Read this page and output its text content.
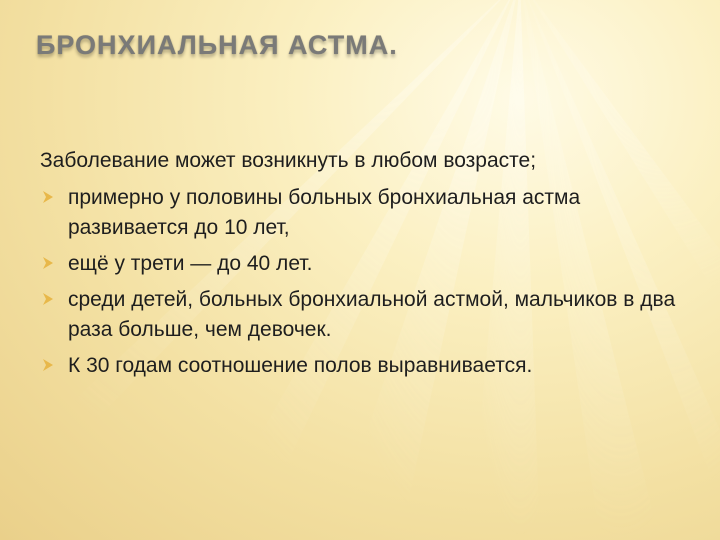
БРОНХИАЛЬНАЯ АСТМА.

Заболевание может возникнуть в любом возрасте;

примерно у половины больных бронхиальная астма развивается до 10 лет,
ещё у трети — до 40 лет.
среди детей, больных бронхиальной астмой, мальчиков в два раза больше, чем девочек.
К 30 годам соотношение полов выравнивается.
